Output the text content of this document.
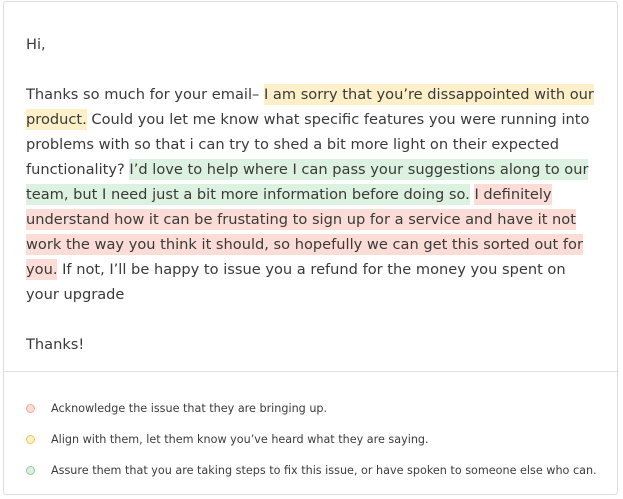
Hi,

Thanks so much for your email– I am sorry that you’re dissappointed with our product. Could you let me know what specific features you were running into problems with so that i can try to shed a bit more light on their expected functionality? I’d love to help where I can pass your suggestions along to our team, but I need just a bit more information before doing so. I definitely understand how it can be frustating to sign up for a service and have it not work the way you think it should, so hopefully we can get this sorted out for you. If not, I’ll be happy to issue you a refund for the money you spent on your upgrade

Thanks!

Acknowledge the issue that they are bringing up.
Align with them, let them know you’ve heard what they are saying.
Assure them that you are taking steps to fix this issue, or have spoken to someone else who can.
